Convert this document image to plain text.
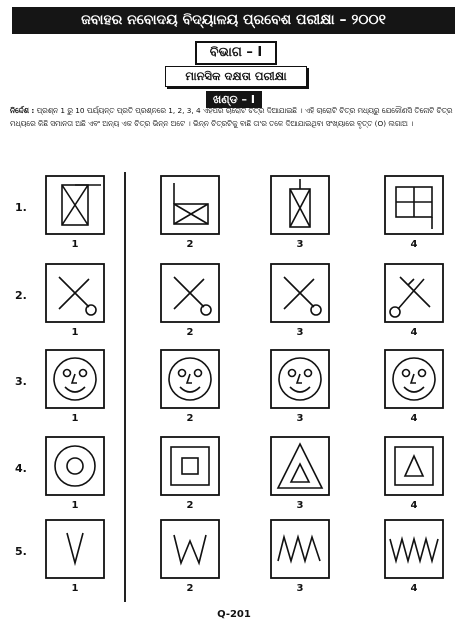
ଜବାହର ନବୋଦୟ ବିଦ୍ୟାଳୟ ପ୍ରବେଶ ପରୀକ୍ଷା – ୨୦୦୧
ବିଭାଗ – I
ମାନସିକ ଦକ୍ଷତା ପରୀକ୍ଷା
ଖଣ୍ଡ – I
ନିର୍ଦ୍ଦେଶ : ପ୍ରଶ୍ନ 1 ରୁ 10 ପର୍ଯ୍ୟନ୍ତ ପ୍ରତି ପ୍ରଶ୍ନରେ 1, 2, 3, 4 ଏହିପରି ଚାରୋଟି ଚିତ୍ର ଦିଆଯାଇଛି । ଏହି ଚାରୋଟି ଚିତ୍ର ମଧ୍ୟରୁ ଯେକୌଣସି ତିନୋଟି ଚିତ୍ର ମଧ୍ୟରେ କିଛି ସମାନତା ଅଛି ଏବଂ ଅନ୍ୟ ଏକ ଚିତ୍ର ଭିନ୍ନ ଅଟେ । ଭିନ୍ନ ଚିତ୍ରଟିକୁ ବାଛି ତା'ର ତଳେ ଦିଆଯାଇଥିବା ସଂଖ୍ୟାରେ ବୃତ୍ତ (O) ଲଗାଅ ।
1.
1	2	3	4
2.
1	2	3	4
3.
1	2	3	4
4.
1	2	3	4
5.
1	2	3	4
Q-201
